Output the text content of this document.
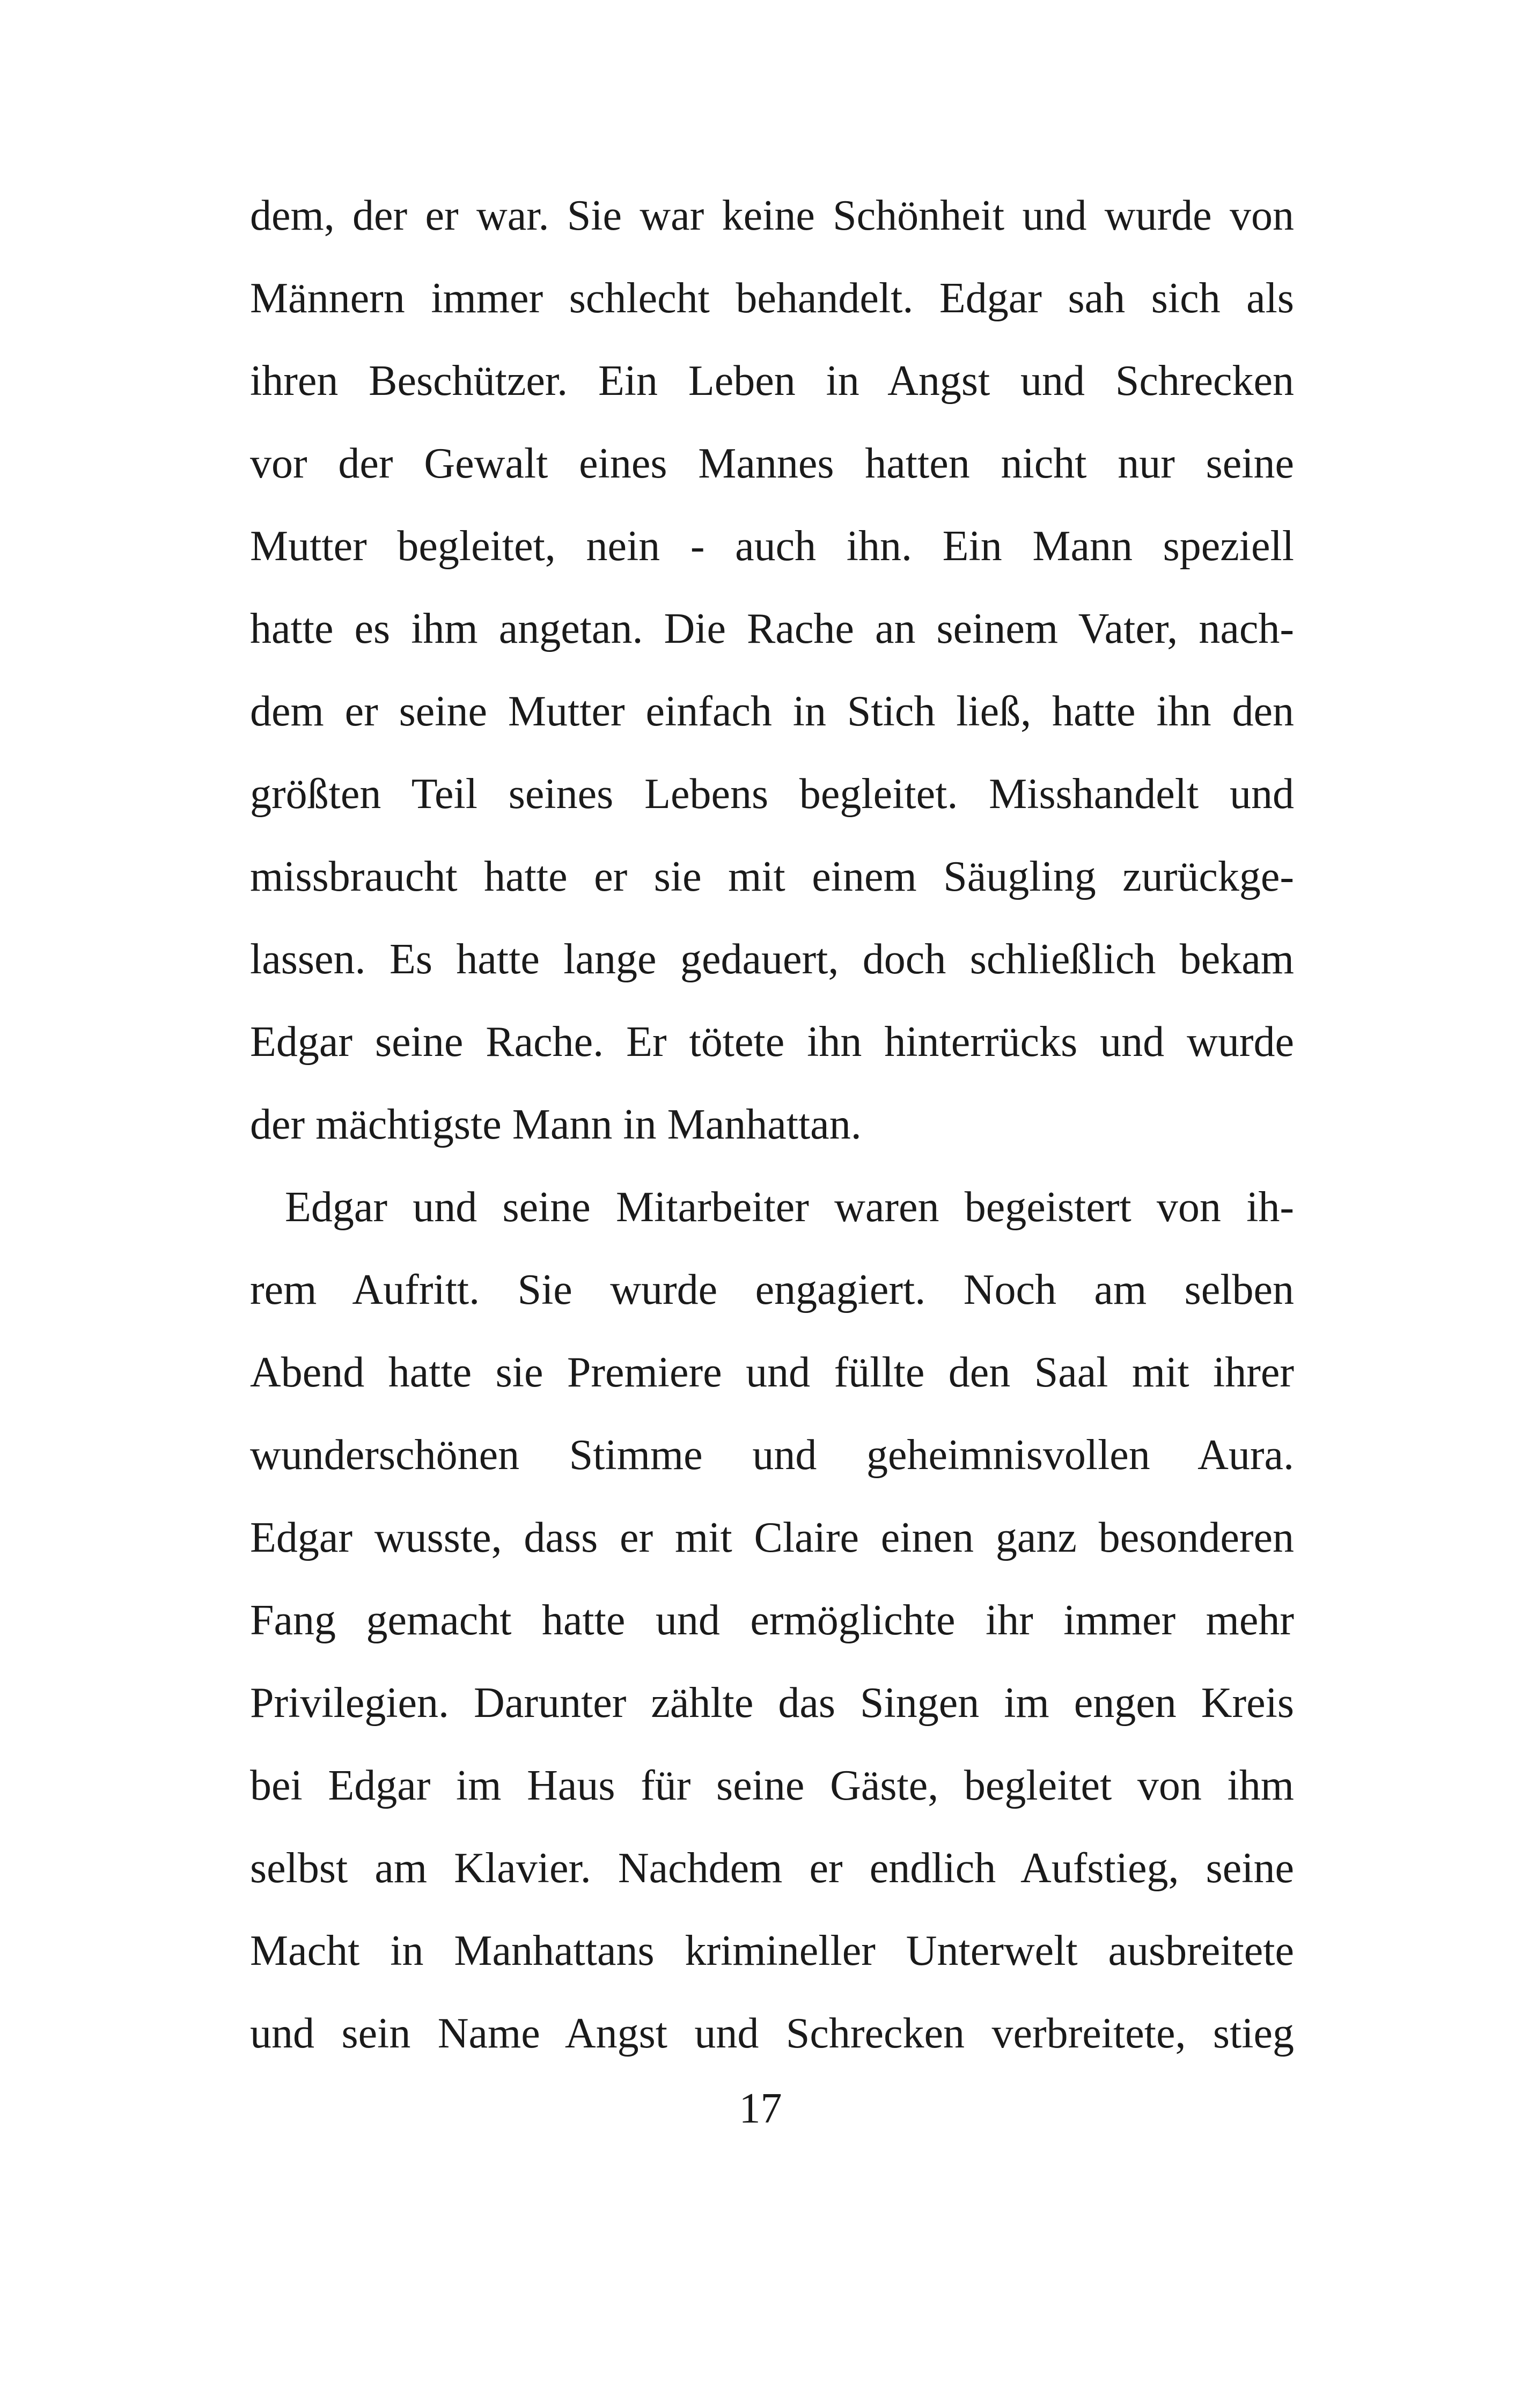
dem, der er war. Sie war keine Schönheit und wurde von
Männern immer schlecht behandelt. Edgar sah sich als
ihren Beschützer. Ein Leben in Angst und Schrecken
vor der Gewalt eines Mannes hatten nicht nur seine
Mutter begleitet, nein - auch ihn. Ein Mann speziell
hatte es ihm angetan. Die Rache an seinem Vater, nach-
dem er seine Mutter einfach in Stich ließ, hatte ihn den
größten Teil seines Lebens begleitet. Misshandelt und
missbraucht hatte er sie mit einem Säugling zurückge-
lassen. Es hatte lange gedauert, doch schließlich bekam
Edgar seine Rache. Er tötete ihn hinterrücks und wurde
der mächtigste Mann in Manhattan.
Edgar und seine Mitarbeiter waren begeistert von ih-
rem Aufritt. Sie wurde engagiert. Noch am selben
Abend hatte sie Premiere und füllte den Saal mit ihrer
wunderschönen Stimme und geheimnisvollen Aura.
Edgar wusste, dass er mit Claire einen ganz besonderen
Fang gemacht hatte und ermöglichte ihr immer mehr
Privilegien. Darunter zählte das Singen im engen Kreis
bei Edgar im Haus für seine Gäste, begleitet von ihm
selbst am Klavier. Nachdem er endlich Aufstieg, seine
Macht in Manhattans krimineller Unterwelt ausbreitete
und sein Name Angst und Schrecken verbreitete, stieg
17
